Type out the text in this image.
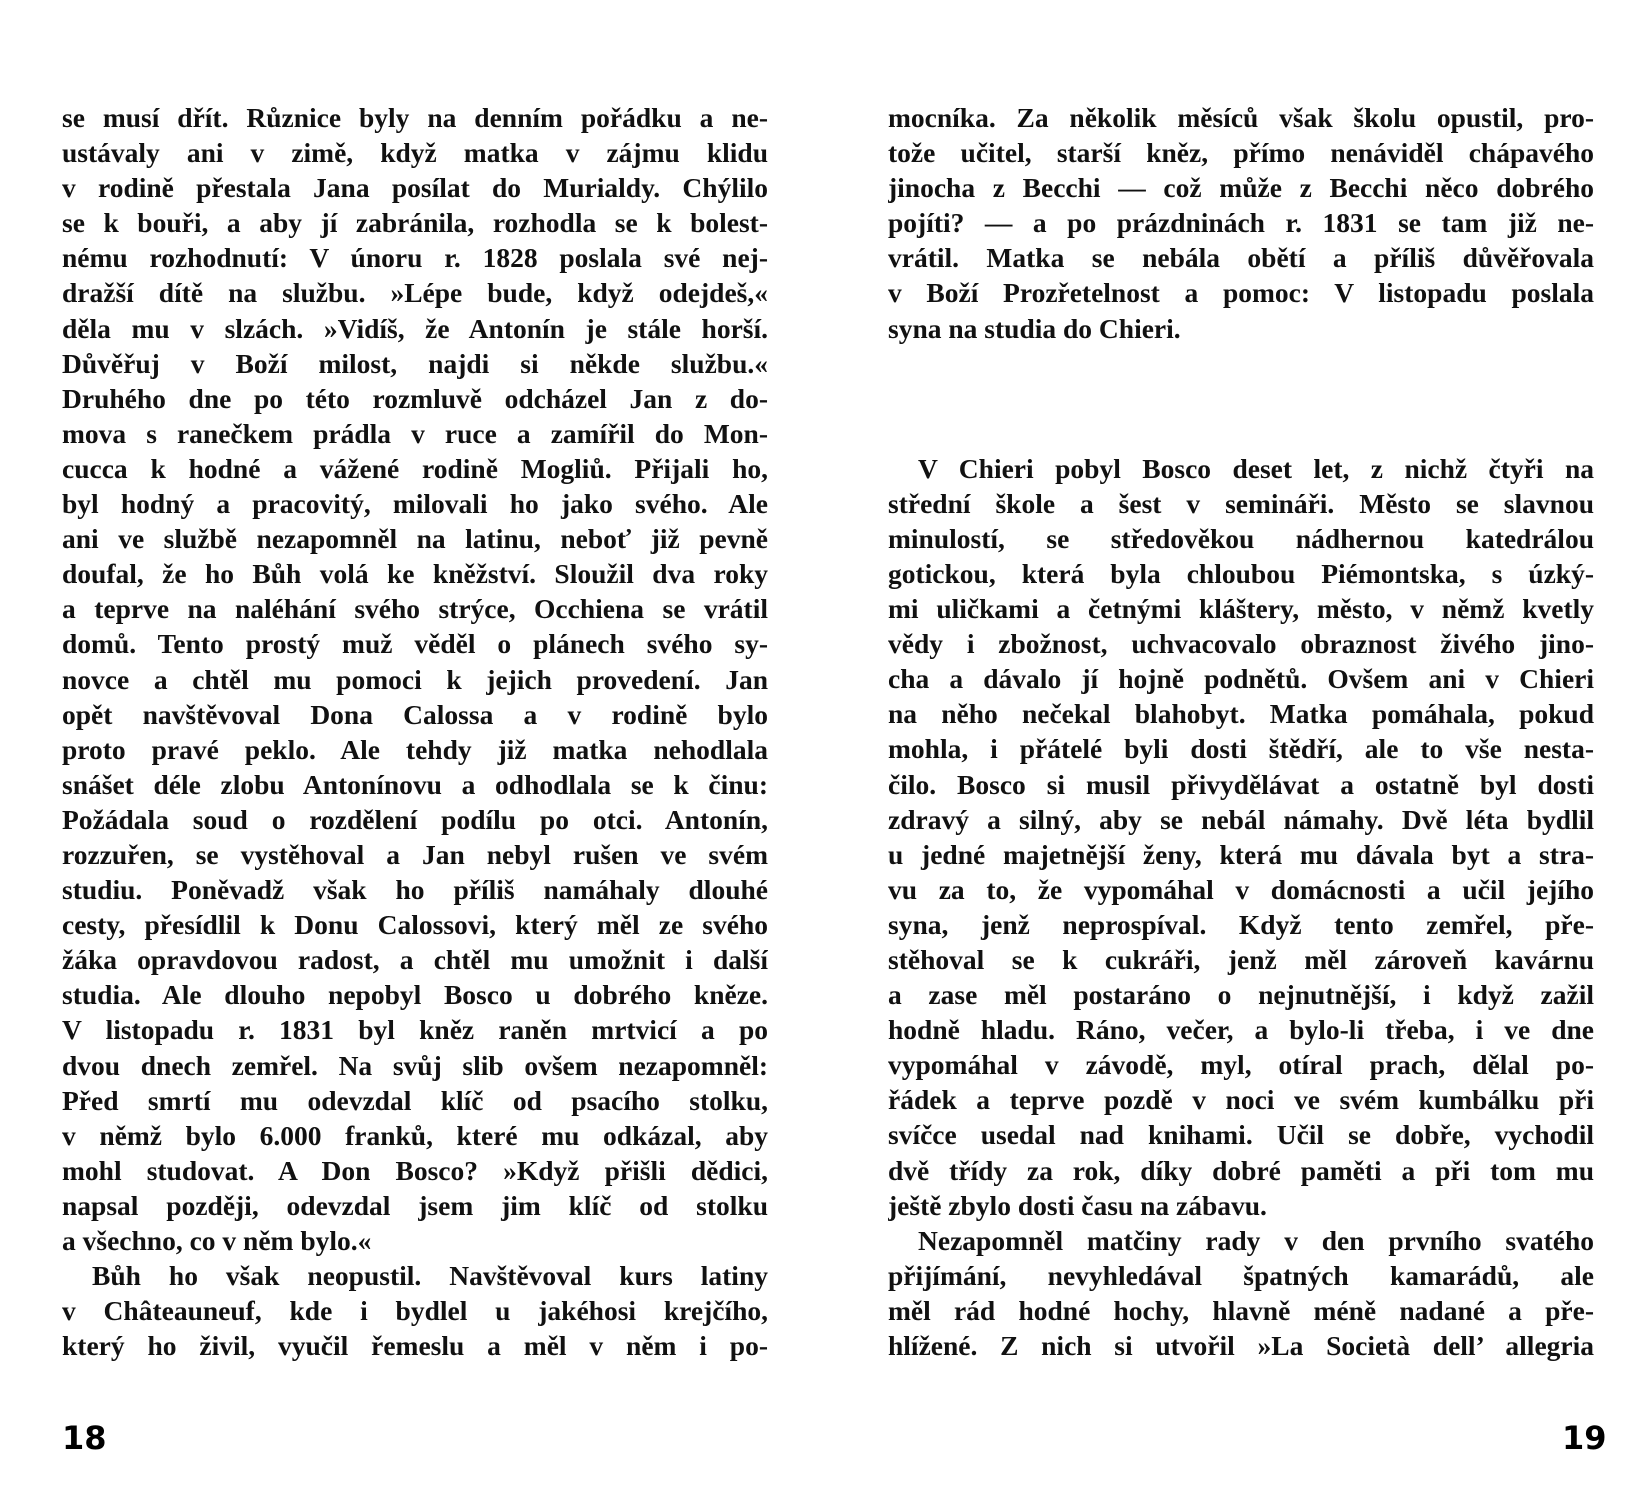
se musí dřít. Různice byly na denním pořádku a ne-
ustávaly ani v zimě, když matka v zájmu klidu
v rodině přestala Jana posílat do Murialdy. Chýlilo
se k bouři, a aby jí zabránila, rozhodla se k bolest-
nému rozhodnutí: V únoru r. 1828 poslala své nej-
dražší dítě na službu. »Lépe bude, když odejdeš,«
děla mu v slzách. »Vidíš, že Antonín je stále horší.
Důvěřuj v Boží milost, najdi si někde službu.«
Druhého dne po této rozmluvě odcházel Jan z do-
mova s ranečkem prádla v ruce a zamířil do Mon-
cucca k hodné a vážené rodině Mogliů. Přijali ho,
byl hodný a pracovitý, milovali ho jako svého. Ale
ani ve službě nezapomněl na latinu, neboť již pevně
doufal, že ho Bůh volá ke kněžství. Sloužil dva roky
a teprve na naléhání svého strýce, Occhiena se vrátil
domů. Tento prostý muž věděl o plánech svého sy-
novce a chtěl mu pomoci k jejich provedení. Jan
opět navštěvoval Dona Calossa a v rodině bylo
proto pravé peklo. Ale tehdy již matka nehodlala
snášet déle zlobu Antonínovu a odhodlala se k činu:
Požádala soud o rozdělení podílu po otci. Antonín,
rozzuřen, se vystěhoval a Jan nebyl rušen ve svém
studiu. Poněvadž však ho příliš namáhaly dlouhé
cesty, přesídlil k Donu Calossovi, který měl ze svého
žáka opravdovou radost, a chtěl mu umožnit i další
studia. Ale dlouho nepobyl Bosco u dobrého kněze.
V listopadu r. 1831 byl kněz raněn mrtvicí a po
dvou dnech zemřel. Na svůj slib ovšem nezapomněl:
Před smrtí mu odevzdal klíč od psacího stolku,
v němž bylo 6.000 franků, které mu odkázal, aby
mohl studovat. A Don Bosco? »Když přišli dědici,
napsal později, odevzdal jsem jim klíč od stolku
a všechno, co v něm bylo.«
Bůh ho však neopustil. Navštěvoval kurs latiny
v Châteauneuf, kde i bydlel u jakéhosi krejčího,
který ho živil, vyučil řemeslu a měl v něm i po-
mocníka. Za několik měsíců však školu opustil, pro-
tože učitel, starší kněz, přímo nenáviděl chápavého
jinocha z Becchi — což může z Becchi něco dobrého
pojíti? — a po prázdninách r. 1831 se tam již ne-
vrátil. Matka se nebála obětí a příliš důvěřovala
v Boží Prozřetelnost a pomoc: V listopadu poslala
syna na studia do Chieri.
V Chieri pobyl Bosco deset let, z nichž čtyři na
střední škole a šest v semináři. Město se slavnou
minulostí, se středověkou nádhernou katedrálou
gotickou, která byla chloubou Piémontska, s úzký-
mi uličkami a četnými kláštery, město, v němž kvetly
vědy i zbožnost, uchvacovalo obraznost živého jino-
cha a dávalo jí hojně podnětů. Ovšem ani v Chieri
na něho nečekal blahobyt. Matka pomáhala, pokud
mohla, i přátelé byli dosti štědří, ale to vše nesta-
čilo. Bosco si musil přivydělávat a ostatně byl dosti
zdravý a silný, aby se nebál námahy. Dvě léta bydlil
u jedné majetnější ženy, která mu dávala byt a stra-
vu za to, že vypomáhal v domácnosti a učil jejího
syna, jenž neprospíval. Když tento zemřel, pře-
stěhoval se k cukráři, jenž měl zároveň kavárnu
a zase měl postaráno o nejnutnější, i když zažil
hodně hladu. Ráno, večer, a bylo-li třeba, i ve dne
vypomáhal v závodě, myl, otíral prach, dělal po-
řádek a teprve pozdě v noci ve svém kumbálku při
svíčce usedal nad knihami. Učil se dobře, vychodil
dvě třídy za rok, díky dobré paměti a při tom mu
ještě zbylo dosti času na zábavu.
Nezapomněl matčiny rady v den prvního svatého
přijímání, nevyhledával špatných kamarádů, ale
měl rád hodné hochy, hlavně méně nadané a pře-
hlížené. Z nich si utvořil »La Società dell’ allegria
18	19
